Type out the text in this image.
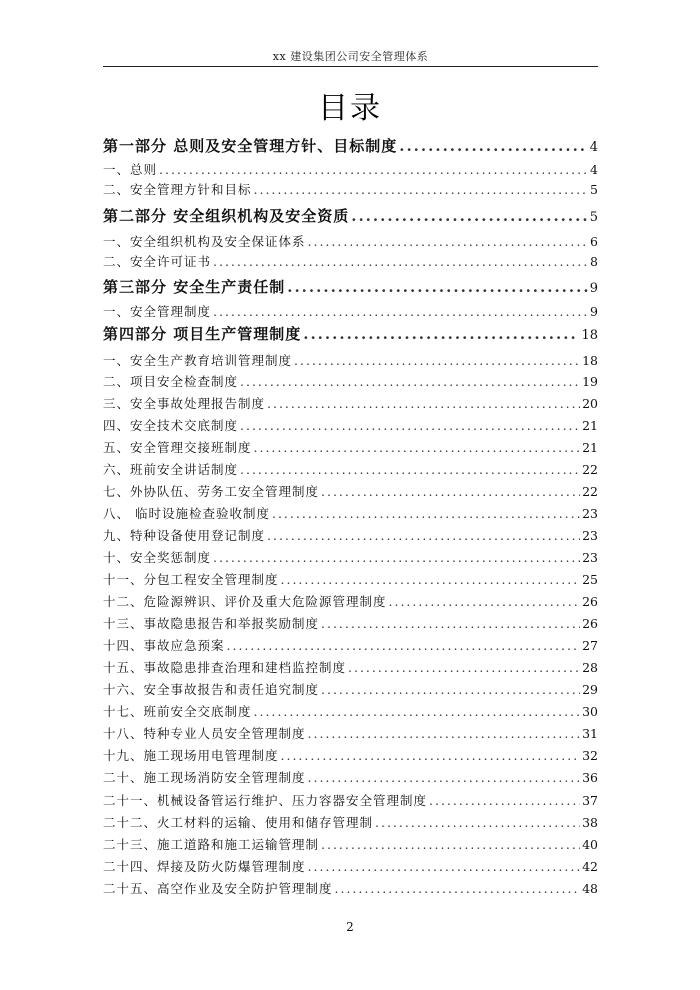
xx 建设集团公司安全管理体系
目录
第一部分 总则及安全管理方针、目标制度 .....	4
一、总则 .....	4
二、安全管理方针和目标 .....	5
第二部分 安全组织机构及安全资质 .....	5
一、安全组织机构及安全保证体系 .....	6
二、安全许可证书 .....	8
第三部分 安全生产责任制 .....	9
一、安全管理制度 .....	9
第四部分 项目生产管理制度 .....	18
一、安全生产教育培训管理制度 .....	18
二、项目安全检查制度 .....	19
三、安全事故处理报告制度 .....	20
四、安全技术交底制度 .....	21
五、安全管理交接班制度 .....	21
六、班前安全讲话制度 .....	22
七、外协队伍、劳务工安全管理制度 .....	22
八、 临时设施检查验收制度 .....	23
九、特种设备使用登记制度 .....	23
十、安全奖惩制度 .....	23
十一、分包工程安全管理制度 .....	25
十二、危险源辨识、评价及重大危险源管理制度 .....	26
十三、事故隐患报告和举报奖励制度 .....	26
十四、事故应急预案 .....	27
十五、事故隐患排查治理和建档监控制度 .....	28
十六、安全事故报告和责任追究制度 .....	29
十七、班前安全交底制度 .....	30
十八、特种专业人员安全管理制度 .....	31
十九、施工现场用电管理制度 .....	32
二十、施工现场消防安全管理制度 .....	36
二十一、机械设备管运行维护、压力容器安全管理制度 .....	37
二十二、火工材料的运输、使用和储存管理制 .....	38
二十三、施工道路和施工运输管理制 .....	40
二十四、焊接及防火防爆管理制度 .....	42
二十五、高空作业及安全防护管理制度 .....	48
2
